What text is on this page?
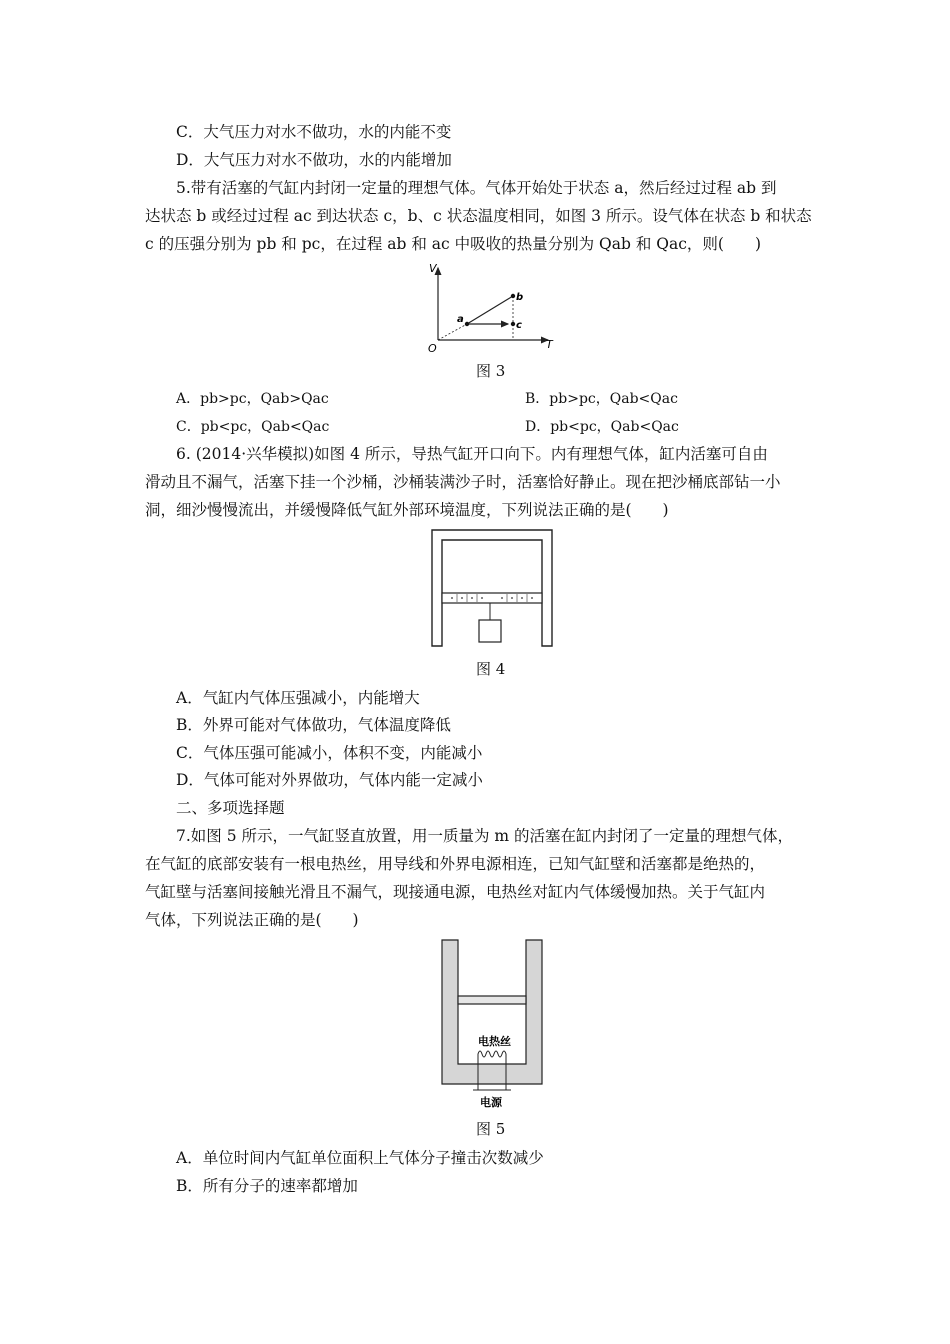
C．大气压力对水不做功，水的内能不变
D．大气压力对水不做功，水的内能增加
5.带有活塞的气缸内封闭一定量的理想气体。气体开始处于状态 a，然后经过过程 ab 到
达状态 b 或经过过程 ac 到达状态 c，b、c 状态温度相同，如图 3 所示。设气体在状态 b 和状态
c 的压强分别为 pb 和 pc，在过程 ab 和 ac 中吸收的热量分别为 Qab 和 Qac，则(　　)
V
T
O
a
b
c
图 3
A．pb>pc，Qab>Qac	B．pb>pc，Qab<Qac
C．pb<pc，Qab<Qac	D．pb<pc，Qab<Qac
6. (2014·兴华模拟)如图 4 所示，导热气缸开口向下。内有理想气体，缸内活塞可自由
滑动且不漏气，活塞下挂一个沙桶，沙桶装满沙子时，活塞恰好静止。现在把沙桶底部钻一小
洞，细沙慢慢流出，并缓慢降低气缸外部环境温度，下列说法正确的是(　　)
图 4
A．气缸内气体压强减小，内能增大
B．外界可能对气体做功，气体温度降低
C．气体压强可能减小，体积不变，内能减小
D．气体可能对外界做功，气体内能一定减小
二、多项选择题
7.如图 5 所示，一气缸竖直放置，用一质量为 m 的活塞在缸内封闭了一定量的理想气体，
在气缸的底部安装有一根电热丝，用导线和外界电源相连，已知气缸壁和活塞都是绝热的，
气缸壁与活塞间接触光滑且不漏气，现接通电源，电热丝对缸内气体缓慢加热。关于气缸内
气体，下列说法正确的是(　　)
电热丝
电源
图 5
A．单位时间内气缸单位面积上气体分子撞击次数减少
B．所有分子的速率都增加
